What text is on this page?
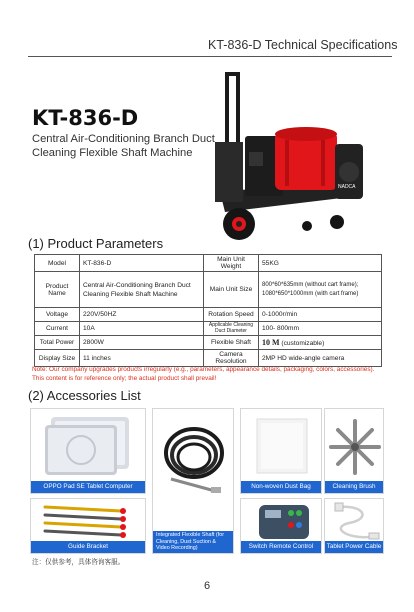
KT-836-D Technical Specifications
KT-836-D
Central Air-Conditioning Branch Duct Cleaning Flexible Shaft Machine
NADCA
(1) Product Parameters
Model	KT-836-D	Main Unit Weight	55KG
Product Name	Central Air-Conditioning Branch Duct Cleaning Flexible Shaft Machine	Main Unit Size	800*60*635mm (without cart frame); 1080*650*1000mm (with cart frame)
Voltage	220V/50HZ	Rotation Speed	0-1000r/min
Current	10A	Applicable Cleaning Duct Diameter	100- 800mm
Total Power	2800W	Flexible Shaft	10 M (customizable)
Display Size	11 inches	Camera Resolution	2MP HD wide-angle camera
Note: Our company upgrades products irregularly (e.g., parameters, appearance details, packaging, colors, accessories). This content is for reference only; the actual product shall prevail!
(2) Accessories List
OPPO Pad SE Tablet Computer
Integrated Flexible Shaft (for Cleaning, Dust Suction & Video Recording)
Non-woven Dust Bag	Cleaning Brush
Guide Bracket	Switch Remote Control	Tablet Power Cable
注：仅供参考，具体咨询客服。
6
